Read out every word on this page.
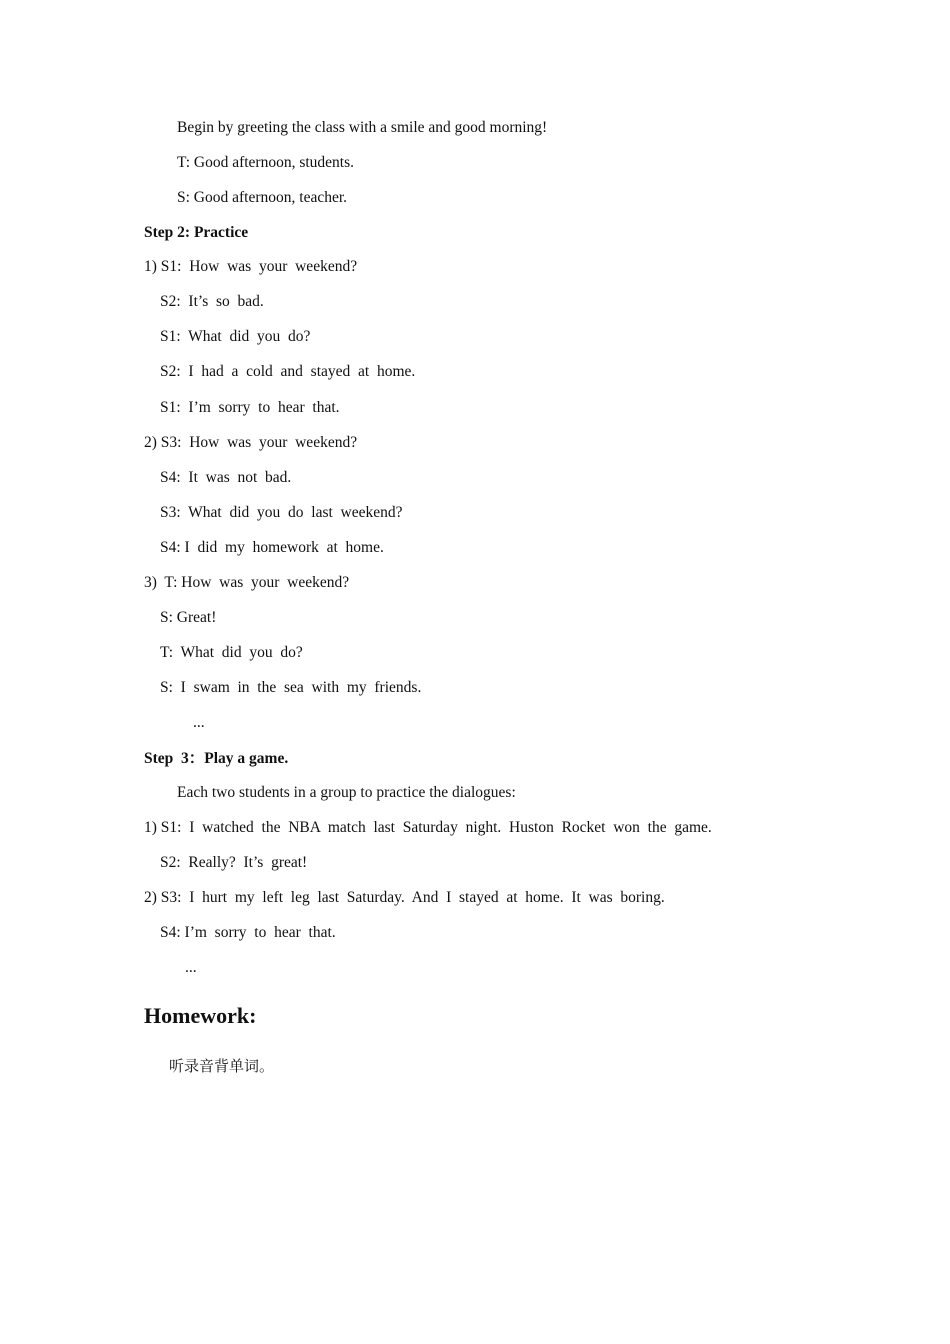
Begin by greeting the class with a smile and good morning!
T: Good afternoon, students.
S: Good afternoon, teacher.
Step 2: Practice
1) S1:  How  was  your  weekend?
S2:  It’s  so  bad.
S1:  What  did  you  do?
S2:  I  had  a  cold  and  stayed  at  home.
S1:  I’m  sorry  to  hear  that.
2) S3:  How  was  your  weekend?
S4:  It  was  not  bad.
S3:  What  did  you  do  last  weekend?
S4: I  did  my  homework  at  home.
3)  T: How  was  your  weekend?
S: Great!
T:  What  did  you  do?
S:  I  swam  in  the  sea  with  my  friends.
...
Step  3：Play a game.
Each two students in a group to practice the dialogues:
1) S1:  I  watched  the  NBA  match  last  Saturday  night.  Huston  Rocket  won  the  game.
S2:  Really?  It’s  great!
2) S3:  I  hurt  my  left  leg  last  Saturday.  And  I  stayed  at  home.  It  was  boring.
S4: I’m  sorry  to  hear  that.
...
Homework:
听录音背单词。
